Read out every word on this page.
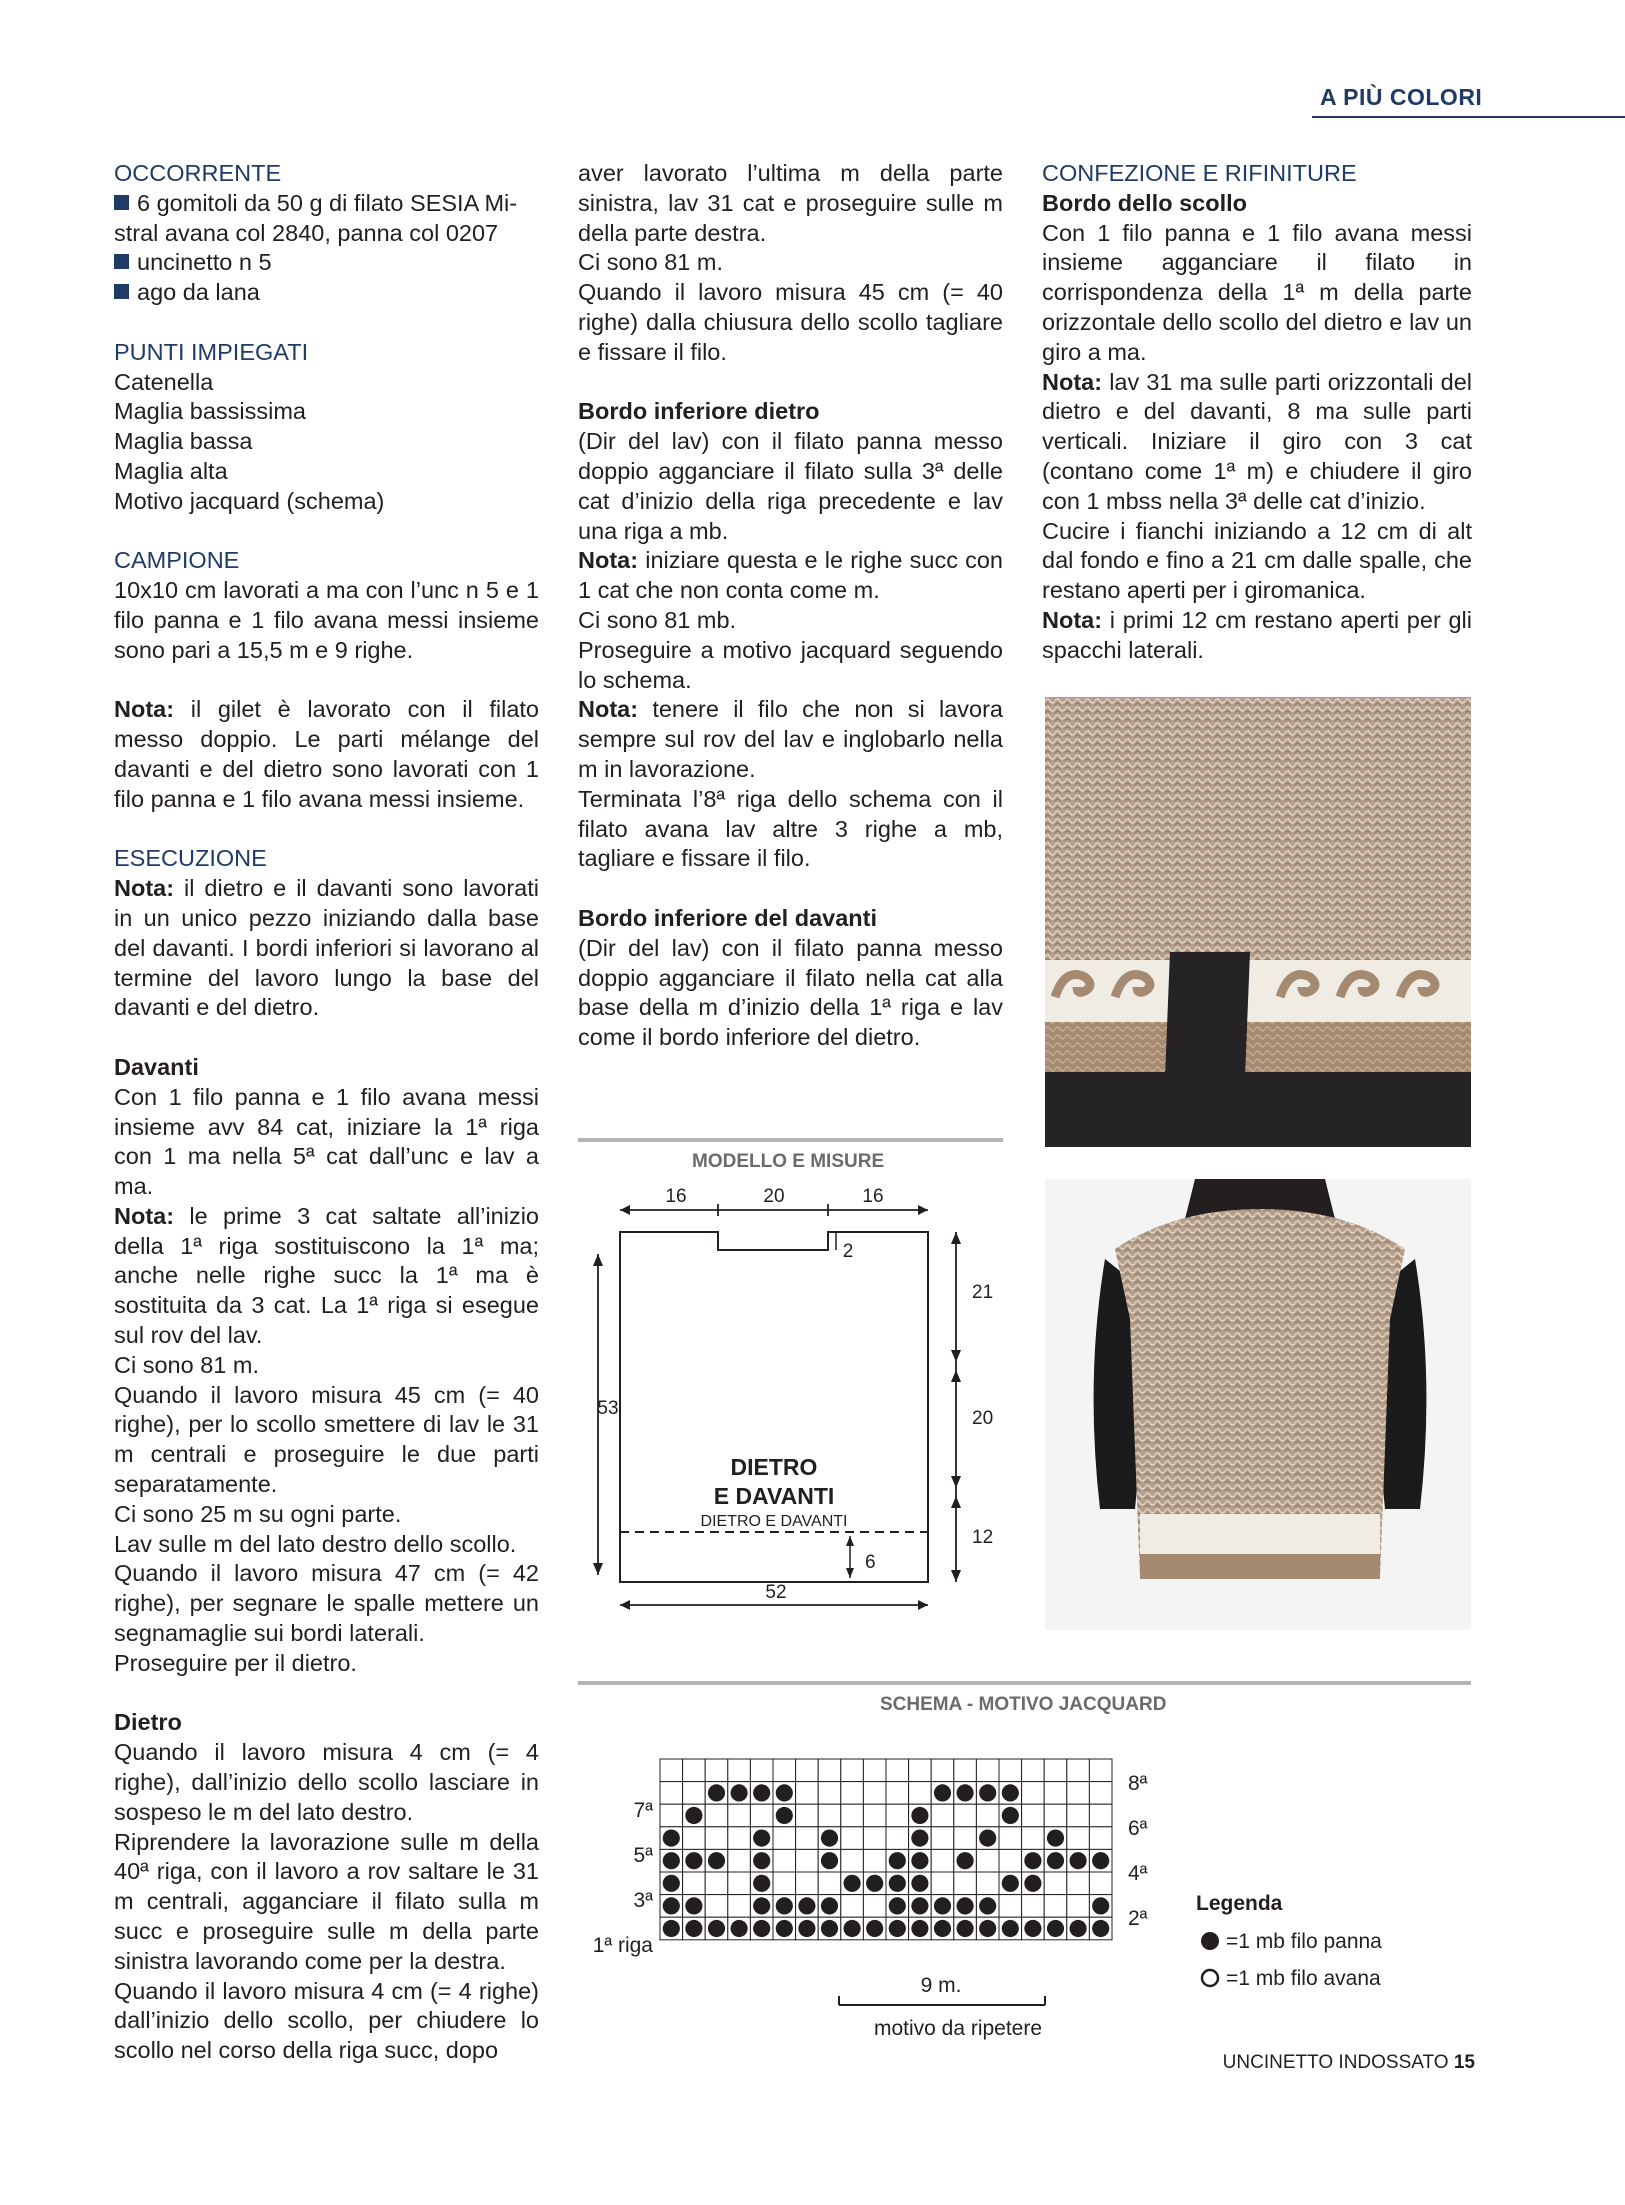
A PIÙ COLORI

OCCORRENTE

6 gomitoli da 50 g di filato SESIA Mi-

stral avana col 2840, panna col 0207

uncinetto n 5

ago da lana

PUNTI IMPIEGATI

Catenella

Maglia bassissima

Maglia bassa

Maglia alta

Motivo jacquard (schema)

CAMPIONE

10x10 cm lavorati a ma con l’unc n 5 e 1 filo panna e 1 filo avana messi insieme sono pari a 15,5 m e 9 righe.

Nota: il gilet è lavorato con il filato messo doppio. Le parti mélange del davanti e del dietro sono lavorati con 1 filo panna e 1 filo avana messi insieme.

ESECUZIONE

Nota: il dietro e il davanti sono lavorati in un unico pezzo iniziando dalla base del davanti. I bordi inferiori si lavorano al termine del lavoro lungo la base del davanti e del dietro.

Davanti

Con 1 filo panna e 1 filo avana messi insieme avv 84 cat, iniziare la 1ª riga con 1 ma nella 5ª cat dall’unc e lav a ma.

Nota: le prime 3 cat saltate all’inizio della 1ª riga sostituiscono la 1ª ma; anche nelle righe succ la 1ª ma è sostituita da 3 cat. La 1ª riga si esegue sul rov del lav.

Ci sono 81 m.

Quando il lavoro misura 45 cm (= 40 righe), per lo scollo smettere di lav le 31 m centrali e proseguire le due parti separatamente.

Ci sono 25 m su ogni parte.

Lav sulle m del lato destro dello scollo.

Quando il lavoro misura 47 cm (= 42 righe), per segnare le spalle mettere un segnamaglie sui bordi laterali.

Proseguire per il dietro.

Dietro

Quando il lavoro misura 4 cm (= 4 righe), dall’inizio dello scollo lasciare in sospeso le m del lato destro.

Riprendere la lavorazione sulle m della 40ª riga, con il lavoro a rov saltare le 31 m centrali, agganciare il filato sulla m succ e proseguire sulle m della parte sinistra lavorando come per la destra.

Quando il lavoro misura 4 cm (= 4 righe) dall’inizio dello scollo, per chiudere lo scollo nel corso della riga succ, dopo

aver lavorato l’ultima m della parte sinistra, lav 31 cat e proseguire sulle m della parte destra.

Ci sono 81 m.

Quando il lavoro misura 45 cm (= 40 righe) dalla chiusura dello scollo tagliare e fissare il filo.

Bordo inferiore dietro

(Dir del lav) con il filato panna messo doppio agganciare il filato sulla 3ª delle cat d’inizio della riga precedente e lav una riga a mb.

Nota: iniziare questa e le righe succ con 1 cat che non conta come m.

Ci sono 81 mb.

Proseguire a motivo jacquard seguendo lo schema.

Nota: tenere il filo che non si lavora sempre sul rov del lav e inglobarlo nella m in lavorazione.

Terminata l’8ª riga dello schema con il filato avana lav altre 3 righe a mb, tagliare e fissare il filo.

Bordo inferiore del davanti

(Dir del lav) con il filato panna messo doppio agganciare il filato nella cat alla base della m d’inizio della 1ª riga e lav come il bordo inferiore del dietro.

CONFEZIONE E RIFINITURE

Bordo dello scollo

Con 1 filo panna e 1 filo avana messi insieme agganciare il filato in corrispondenza della 1ª m della parte orizzontale dello scollo del dietro e lav un giro a ma.

Nota: lav 31 ma sulle parti orizzontali del dietro e del davanti, 8 ma sulle parti verticali. Iniziare il giro con 3 cat (contano come 1ª m) e chiudere il giro con 1 mbss nella 3ª delle cat d’inizio.

Cucire i fianchi iniziando a 12 cm di alt dal fondo e fino a 21 cm dalle spalle, che restano aperti per i giromanica.

Nota: i primi 12 cm restano aperti per gli spacchi laterali.

MODELLO E MISURE
16	20	16
2
53
21
20
12
DIETRO
E DAVANTI
DIETRO E DAVANTI
6
52
SCHEMA - MOTIVO JACQUARD
7ª
5ª
3ª
1ª riga
8ª
6ª
4ª
2ª
9 m.
motivo da ripetere
Legenda
=1 mb filo panna
=1 mb filo avana
UNCINETTO INDOSSATO 15
